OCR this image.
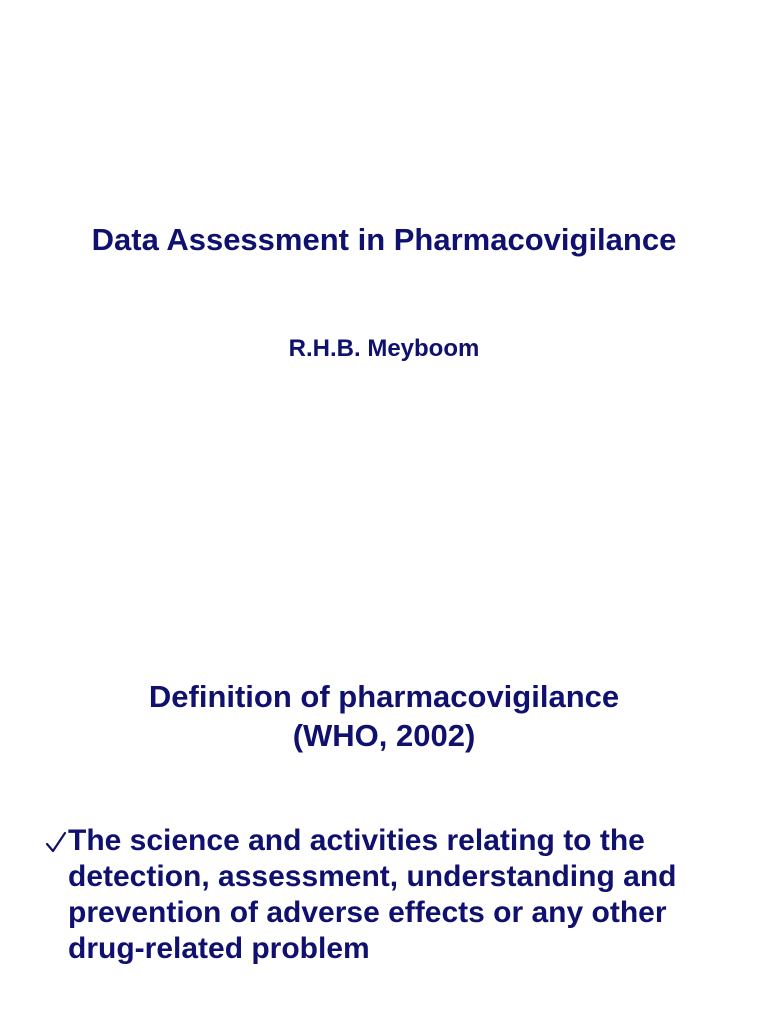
Data Assessment in Pharmacovigilance

R.H.B. Meyboom

Definition of pharmacovigilance
(WHO, 2002)
The science and activities relating to the detection, assessment, understanding and prevention of adverse effects or any other drug-related problem
